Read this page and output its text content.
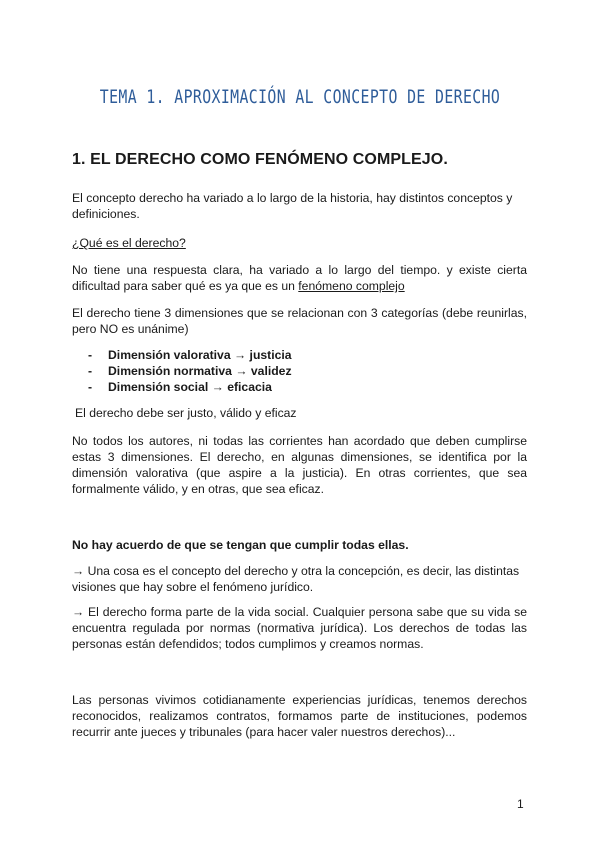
TEMA 1. APROXIMACIÓN AL CONCEPTO DE DERECHO
1. EL DERECHO COMO FENÓMENO COMPLEJO.
El concepto derecho ha variado a lo largo de la historia, hay distintos conceptos y definiciones.
¿Qué es el derecho?
No tiene una respuesta clara, ha variado a lo largo del tiempo. y existe cierta dificultad para saber qué es ya que es un fenómeno complejo
El derecho tiene 3 dimensiones que se relacionan con 3 categorías (debe reunirlas, pero NO es unánime)
-	Dimensión valorativa → justicia
-	Dimensión normativa → validez
-	Dimensión social → eficacia
El derecho debe ser justo, válido y eficaz
No todos los autores, ni todas las corrientes han acordado que deben cumplirse estas 3 dimensiones. El derecho, en algunas dimensiones, se identifica por la dimensión valorativa (que aspire a la justicia). En otras corrientes, que sea formalmente válido, y en otras, que sea eficaz.
No hay acuerdo de que se tengan que cumplir todas ellas.
→ Una cosa es el concepto del derecho y otra la concepción, es decir, las distintas visiones que hay sobre el fenómeno jurídico.
→ El derecho forma parte de la vida social. Cualquier persona sabe que su vida se encuentra regulada por normas (normativa jurídica). Los derechos de todas las personas están defendidos; todos cumplimos y creamos normas.
Las personas vivimos cotidianamente experiencias jurídicas, tenemos derechos reconocidos, realizamos contratos, formamos parte de instituciones, podemos recurrir ante jueces y tribunales (para hacer valer nuestros derechos)...
1
